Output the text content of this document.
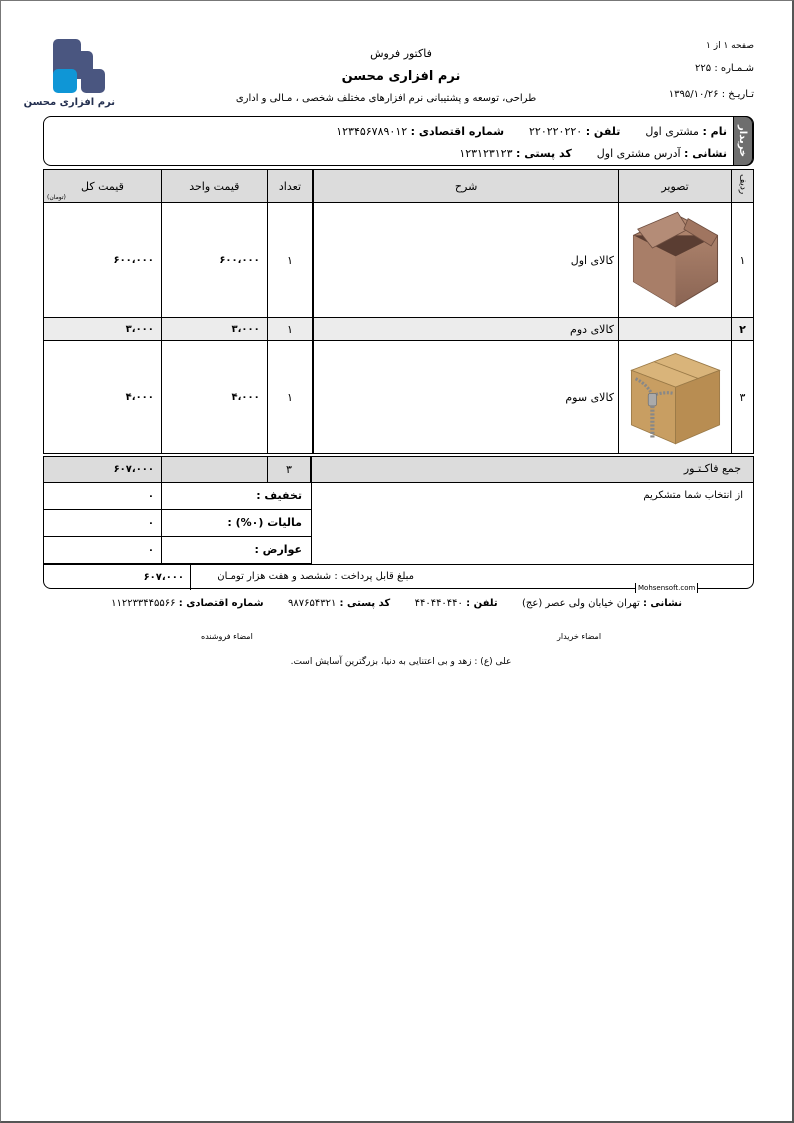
نرم افزاری محسن
فاکتور فروش
نرم افزاری محسن
طراحی، توسعه و پشتیبانی نرم افزارهای مختلف شخصی ، مـالی و اداری
صفحه ۱ از ۱
شـمـاره : ۲۲۵
تـاریـخ : ۱۳۹۵/۱۰/۲۶
خریدار
نام : مشتری اول  تلفن : ۲۲۰۲۲۰۲۲۰  شماره اقتصادی : ۱۲۳۴۵۶۷۸۹۰۱۲
نشانی : آدرس مشتری اول  کد پستی : ۱۲۳۱۲۳۱۲۳
ردیف	تصویر	شرح	تعداد	قیمت واحد	قیمت کل
(تومان)

۱		کالای اول	۱	۶۰۰،۰۰۰	۶۰۰،۰۰۰
۲		کالای دوم	۱	۳،۰۰۰	۳،۰۰۰
۳		کالای سوم	۱	۴،۰۰۰	۴،۰۰۰
۶۰۷،۰۰۰	۳	جمع فاکـتـور
از انتخاب شما متشکریم
۰	تخفیف :
۰	مالیات (۰%) :
۰	عوارض :
۶۰۷،۰۰۰	مبلغ قابل پرداخت : ششصد و هفت هزار تومـان
Mohsensoft.com
نشانی : تهران خیابان ولی عصر (عج)  تلفن : ۴۴۰۴۴۰۴۴۰  کد پستی : ۹۸۷۶۵۴۳۲۱  شماره اقتصادی : ۱۱۲۲۳۳۴۴۵۵۶۶
امضاء خریدار
امضاء فروشنده
علی (ع) : زهد و بی اعتنایی به دنیا، بزرگترین آسایش است.
